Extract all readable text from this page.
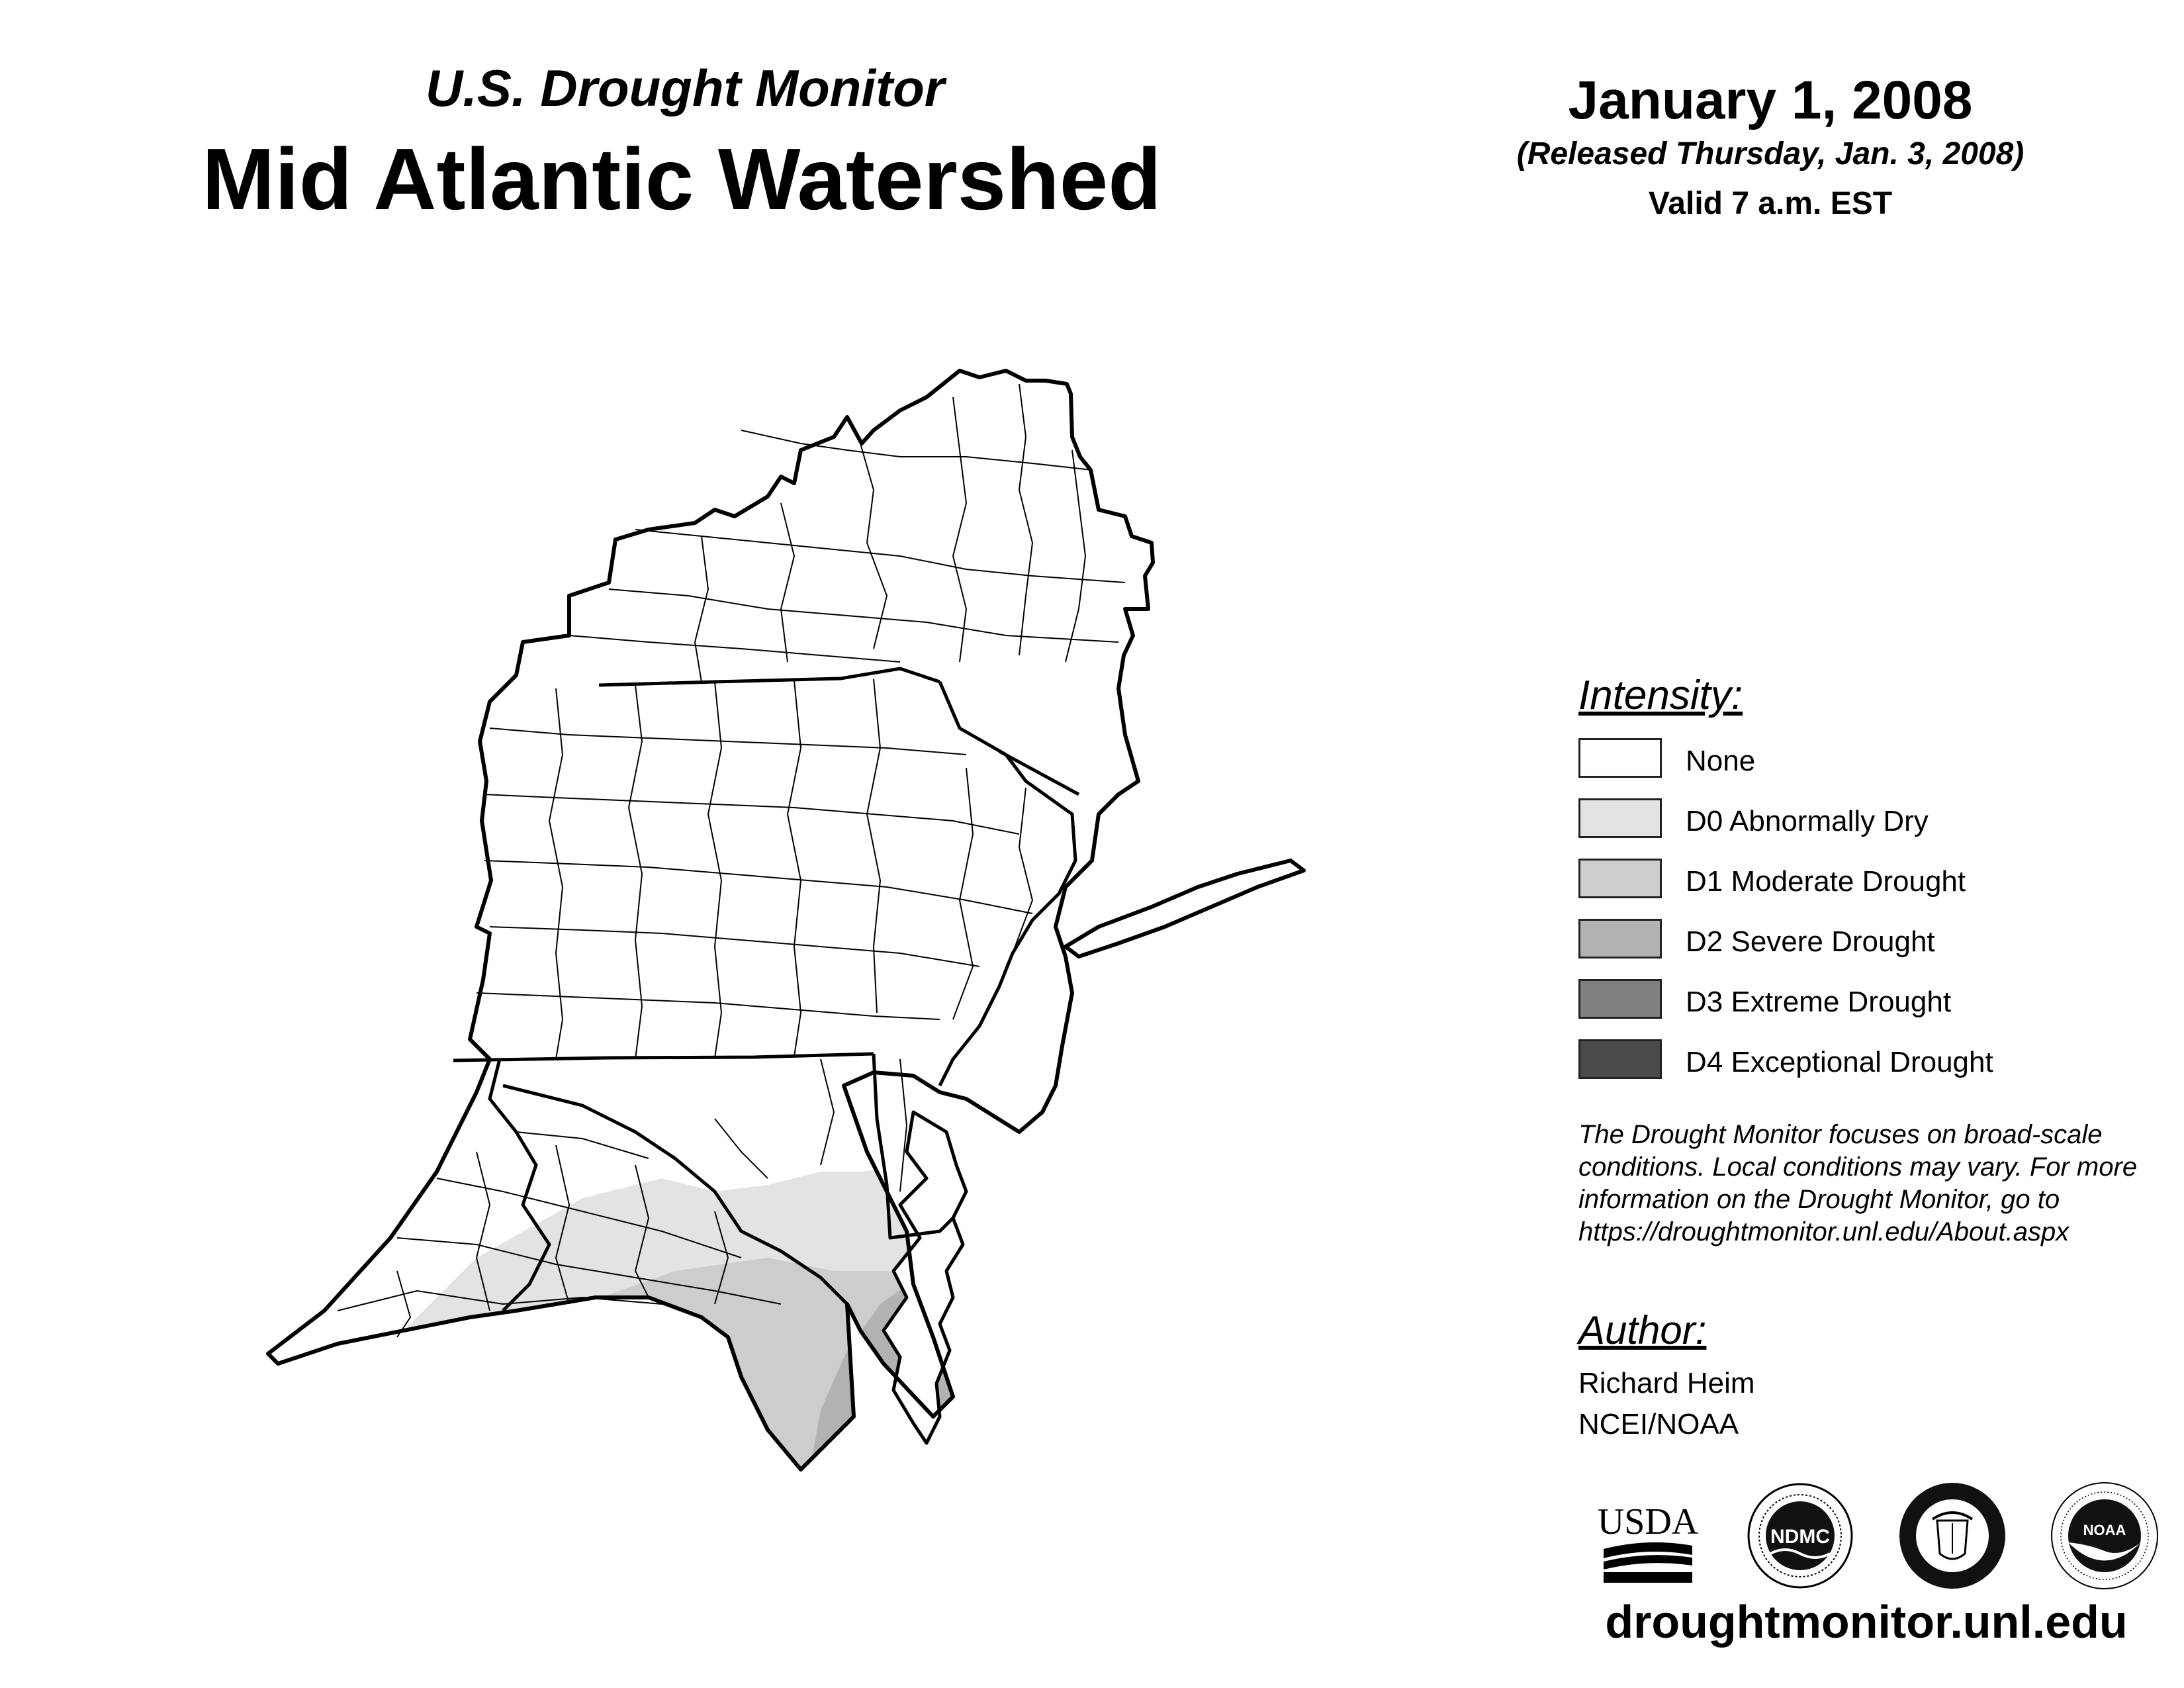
U.S. Drought Monitor
Mid Atlantic Watershed
January 1, 2008
(Released Thursday, Jan. 3, 2008)
Valid 7 a.m. EST
Intensity:
None
D0 Abnormally Dry
D1 Moderate Drought
D2 Severe Drought
D3 Extreme Drought
D4 Exceptional Drought
The Drought Monitor focuses on broad-scale
conditions. Local conditions may vary. For more
information on the Drought Monitor, go to
https://droughtmonitor.unl.edu/About.aspx
Author:
Richard Heim
NCEI/NOAA
USDA	NDMC	NOAA
droughtmonitor.unl.edu
